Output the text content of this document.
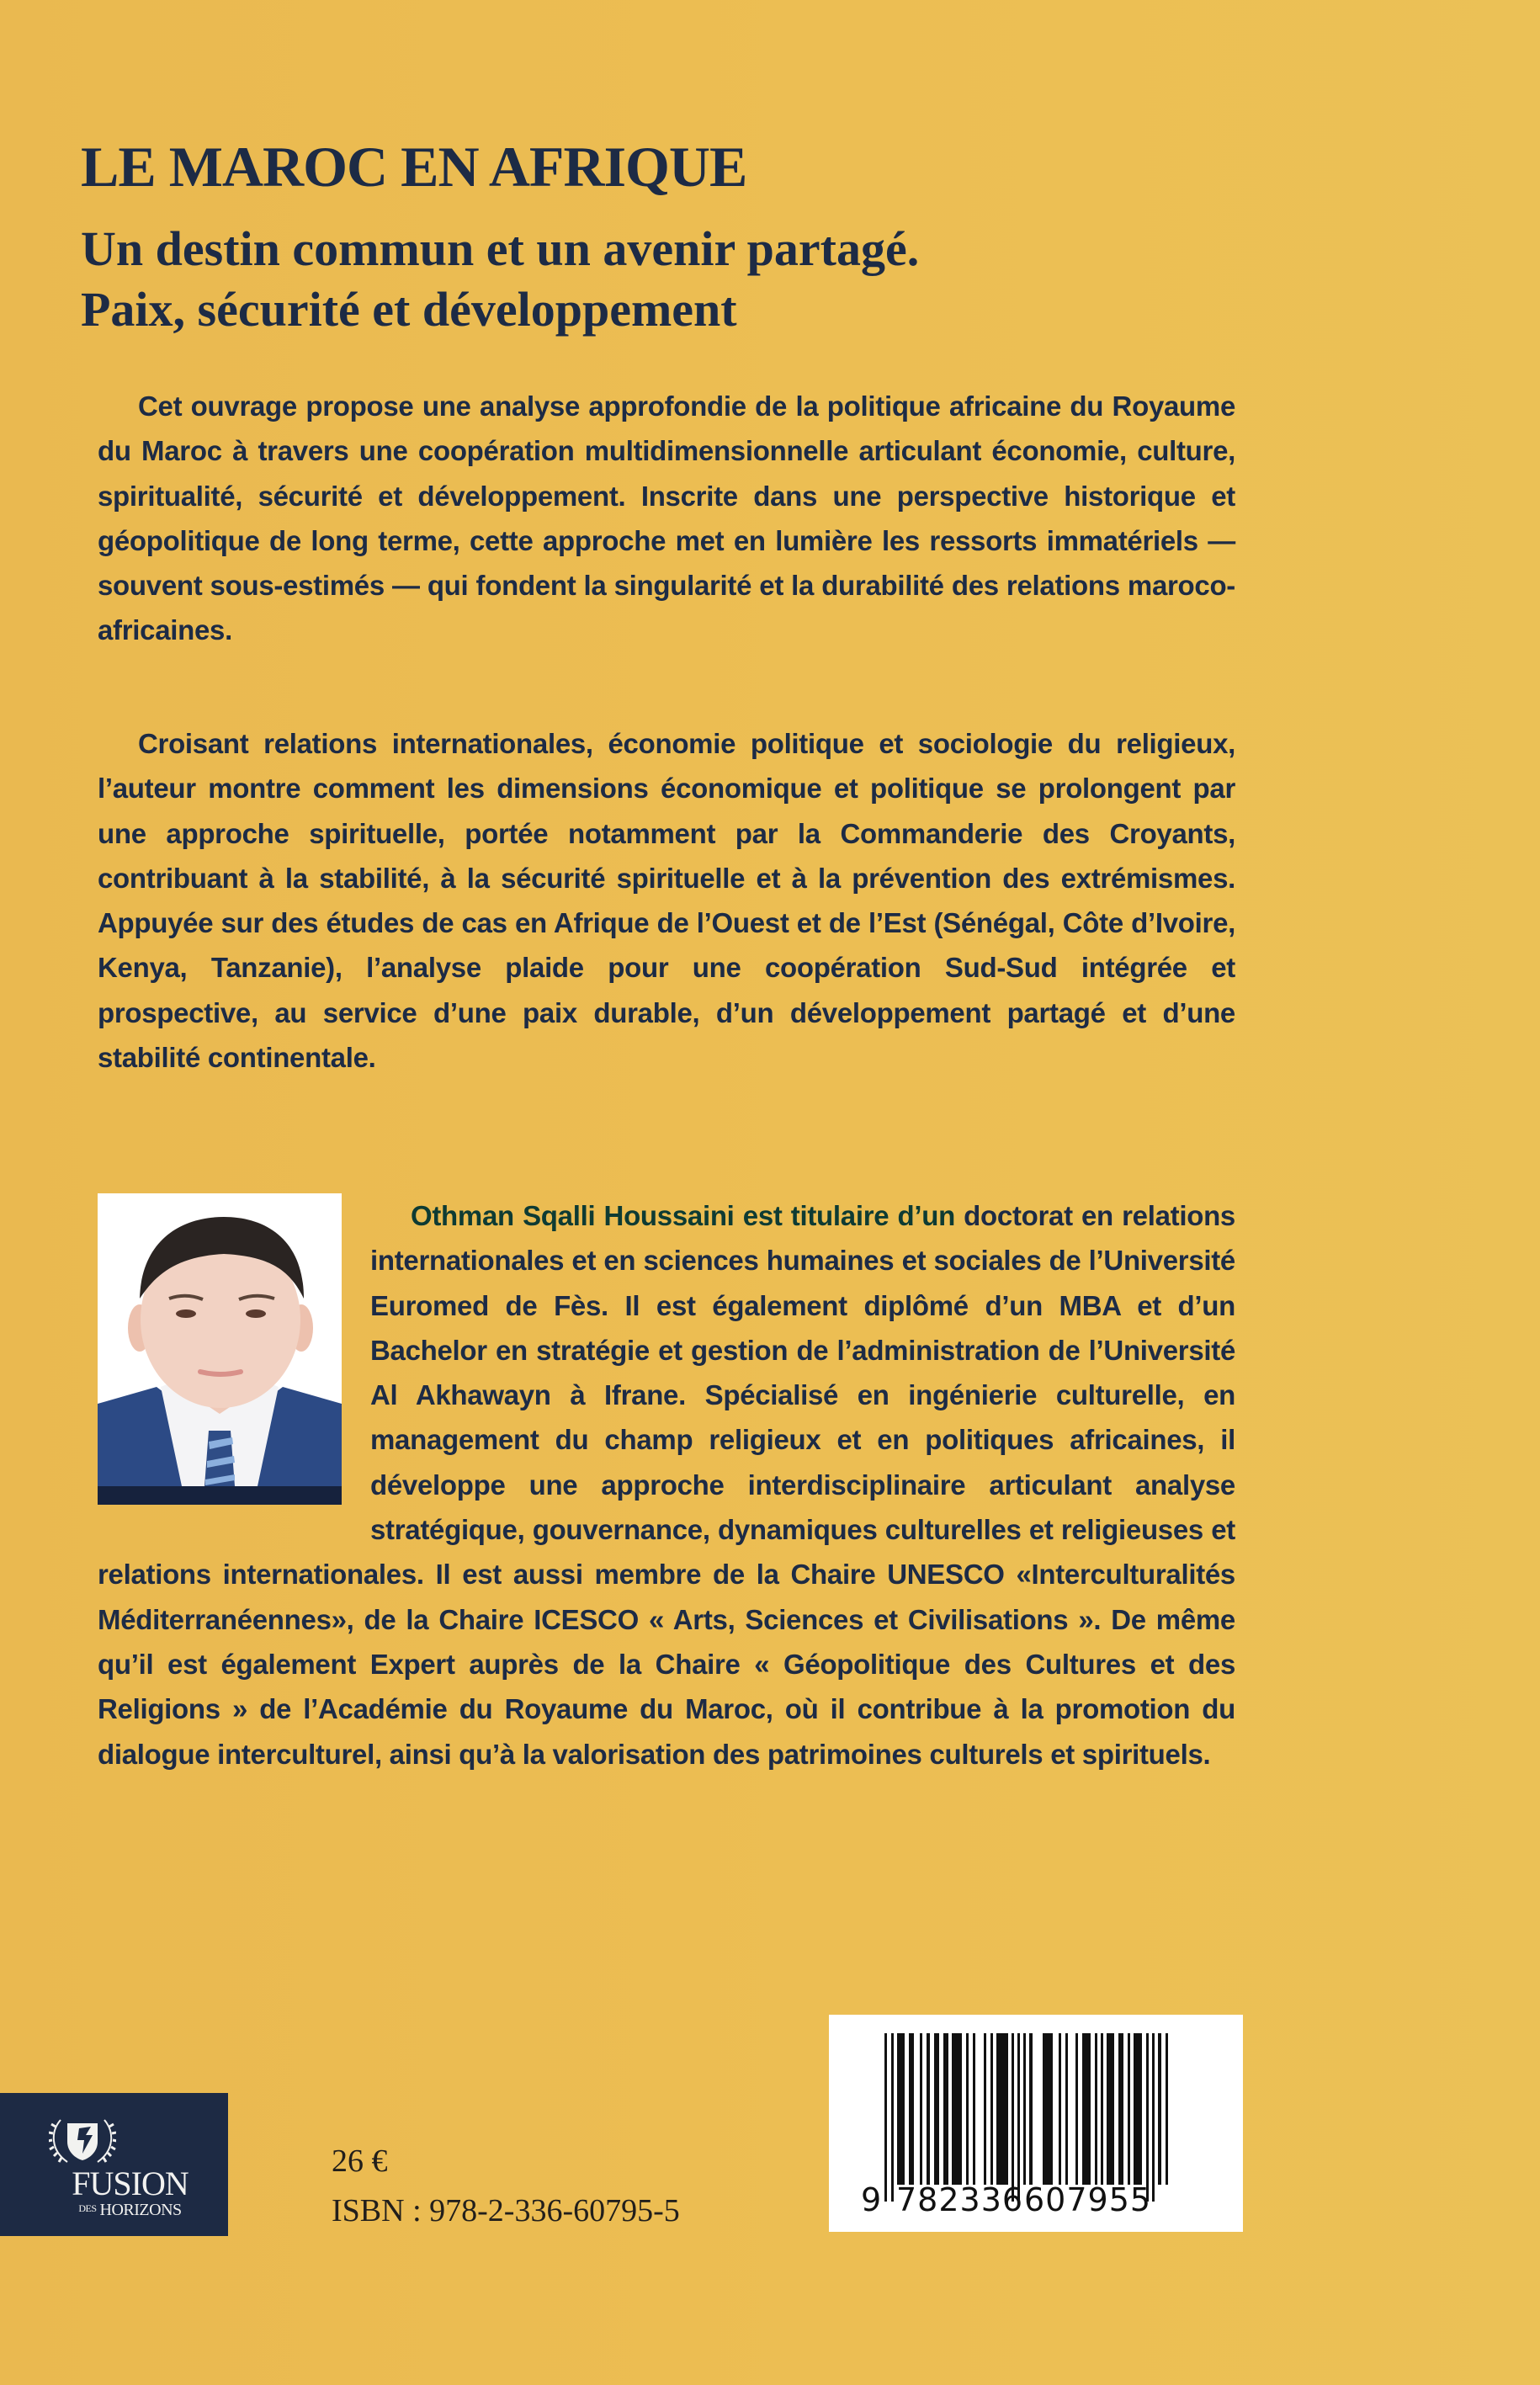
LE MAROC EN AFRIQUE
Un destin commun et un avenir partagé.
Paix, sécurité et développement

Cet ouvrage propose une analyse approfondie de la politique africaine du Royaume du Maroc à travers une coopération multidimensionnelle articulant économie, culture, spiritualité, sécurité et développement. Inscrite dans une perspective historique et géopolitique de long terme, cette approche met en lumière les ressorts immatériels — souvent sous-estimés — qui fondent la singularité et la durabilité des relations maroco-africaines.

Croisant relations internationales, économie politique et sociologie du religieux, l’auteur montre comment les dimensions économique et politique se prolongent par une approche spirituelle, portée notamment par la Commanderie des Croyants, contribuant à la stabilité, à la sécurité spirituelle et à la prévention des extrémismes. Appuyée sur des études de cas en Afrique de l’Ouest et de l’Est (Sénégal, Côte d’Ivoire, Kenya, Tanzanie), l’analyse plaide pour une coopération Sud-Sud intégrée et prospective, au service d’une paix durable, d’un développement partagé et d’une stabilité continentale.

Othman Sqalli Houssaini est titulaire d’un doctorat en relations internationales et en sciences humaines et sociales de l’Université Euromed de Fès. Il est également diplômé d’un MBA et d’un Bachelor en stratégie et gestion de l’administration de l’Université Al Akhawayn à Ifrane. Spécialisé en ingénierie culturelle, en management du champ religieux et en politiques africaines, il développe une approche interdisciplinaire articulant analyse stratégique, gouvernance, dynamiques culturelles et religieuses et relations internationales. Il est aussi membre de la Chaire UNESCO «Interculturalités Méditerranéennes», de la Chaire ICESCO « Arts, Sciences et Civilisations ». De même qu’il est également Expert auprès de la Chaire « Géopolitique des Cultures et des Religions » de l’Académie du Royaume du Maroc, où il contribue à la promotion du dialogue interculturel, ainsi qu’à la valorisation des patrimoines culturels et spirituels.

FUSION
$^{DES}$ HORIZONS
26 €
ISBN : 978-2-336-60795-5	9 782336 607955
